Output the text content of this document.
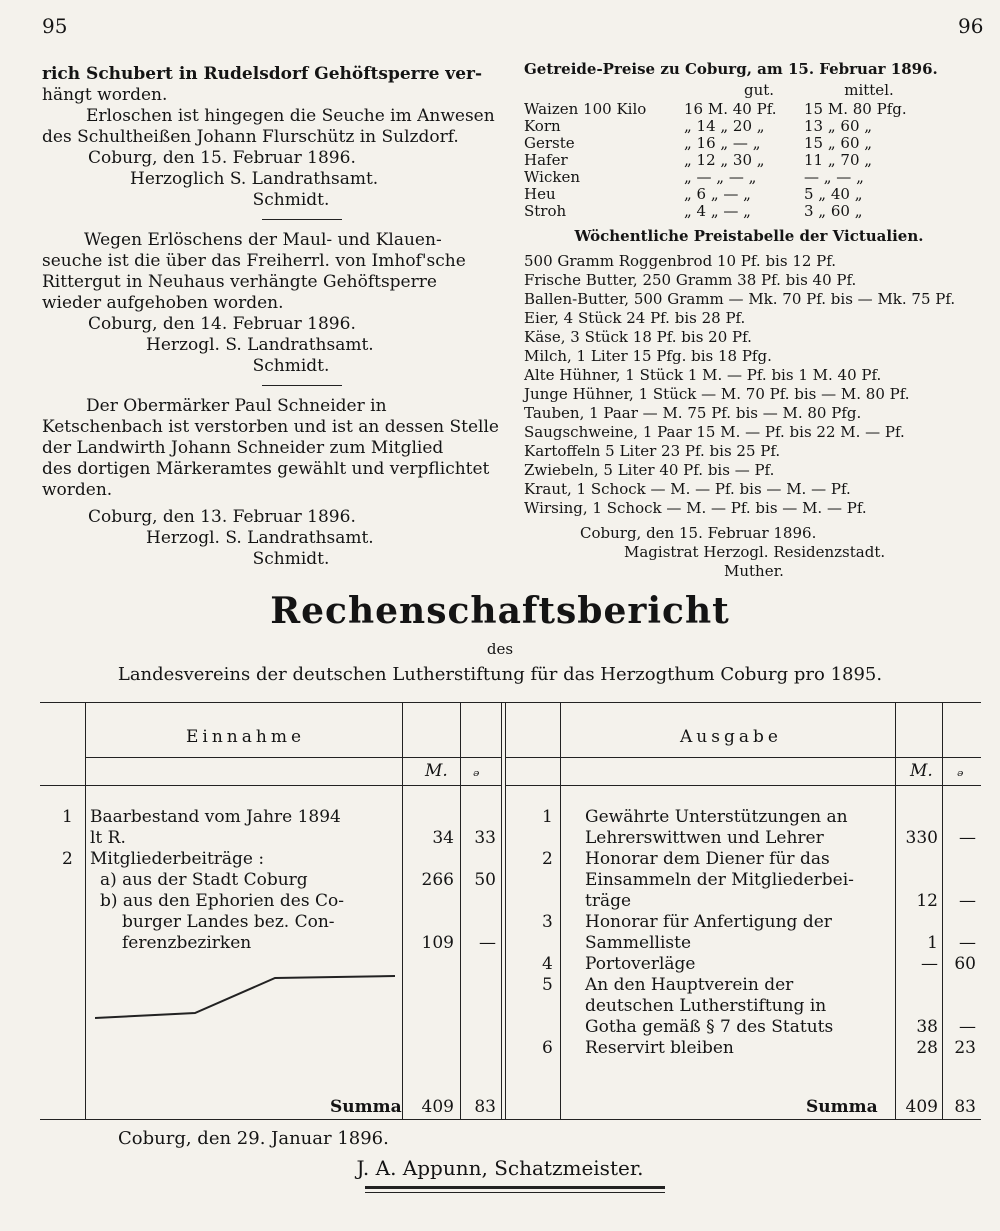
95	96

rich Schubert in Rudelsdorf Gehöftsperre ver-

hängt worden.

Erloschen ist hingegen die Seuche im Anwesen

des Schultheißen Johann Flurschütz in Sulzdorf.

Coburg, den 15. Februar 1896.

Herzoglich S. Landrathsamt.

Schmidt.

Wegen Erlöschens der Maul- und Klauen-

seuche ist die über das Freiherrl. von Imhof'sche

Rittergut in Neuhaus verhängte Gehöftsperre

wieder aufgehoben worden.

Coburg, den 14. Februar 1896.

Herzogl. S. Landrathsamt.

Schmidt.

Der Obermärker Paul Schneider in

Ketschenbach ist verstorben und ist an dessen Stelle

der Landwirth Johann Schneider zum Mitglied

des dortigen Märkeramtes gewählt und verpflichtet

worden.

Coburg, den 13. Februar 1896.

Herzogl. S. Landrathsamt.

Schmidt.

Getreide-Preise zu Coburg, am 15. Februar 1896.
gut.	mittel.
Waizen 100 Kilo	16 M. 40 Pf.	15 M. 80 Pfg.
Korn	„ 14 „ 20 „	13 „ 60 „
Gerste	„ 16 „ — „	15 „ 60 „
Hafer	„ 12 „ 30 „	11 „ 70 „
Wicken	„ — „ — „	— „ — „
Heu	„ 6 „ — „	5 „ 40 „
Stroh	„ 4 „ — „	3 „ 60 „
Wöchentliche Preistabelle der Victualien.
500 Gramm Roggenbrod 10 Pf. bis 12 Pf.
Frische Butter, 250 Gramm 38 Pf. bis 40 Pf.
Ballen-Butter, 500 Gramm — Mk. 70 Pf. bis — Mk. 75 Pf.
Eier, 4 Stück 24 Pf. bis 28 Pf.
Käse, 3 Stück 18 Pf. bis 20 Pf.
Milch, 1 Liter 15 Pfg. bis 18 Pfg.
Alte Hühner, 1 Stück 1 M. — Pf. bis 1 M. 40 Pf.
Junge Hühner, 1 Stück — M. 70 Pf. bis — M. 80 Pf.
Tauben, 1 Paar — M. 75 Pf. bis — M. 80 Pfg.
Saugschweine, 1 Paar 15 M. — Pf. bis 22 M. — Pf.
Kartoffeln 5 Liter 23 Pf. bis 25 Pf.
Zwiebeln, 5 Liter 40 Pf. bis — Pf.
Kraut, 1 Schock — M. — Pf. bis — M. — Pf.
Wirsing, 1 Schock — M. — Pf. bis — M. — Pf.
Coburg, den 15. Februar 1896.
Magistrat Herzogl. Residenzstadt.
Muther.
Rechenschaftsbericht
des
Landesvereins der deutschen Lutherstiftung für das Herzogthum Coburg pro 1895.
Einnahme	Ausgabe
M. ₔ	M. ₔ
1 Baarbestand vom Jahre 1894
lt R.	34	33
2 Mitgliederbeiträge :
a) aus der Stadt Coburg	266	50
b) aus den Ephorien des Co-
burger Landes bez. Con-
ferenzbezirken	109	—
1 Gewährte Unterstützungen an
Lehrerswittwen und Lehrer	330	—
2 Honorar dem Diener für das
Einsammeln der Mitgliederbei-
träge	12	—
3 Honorar für Anfertigung der
Sammelliste	1	—
4 Portoverläge	— 60
5 An den Hauptverein der
deutschen Lutherstiftung in
Gotha gemäß § 7 des Statuts	38	—
6 Reservirt bleiben	28 23
Summa	409	83	Summa	409 83
Coburg, den 29. Januar 1896.
J. A. Appunn, Schatzmeister.
